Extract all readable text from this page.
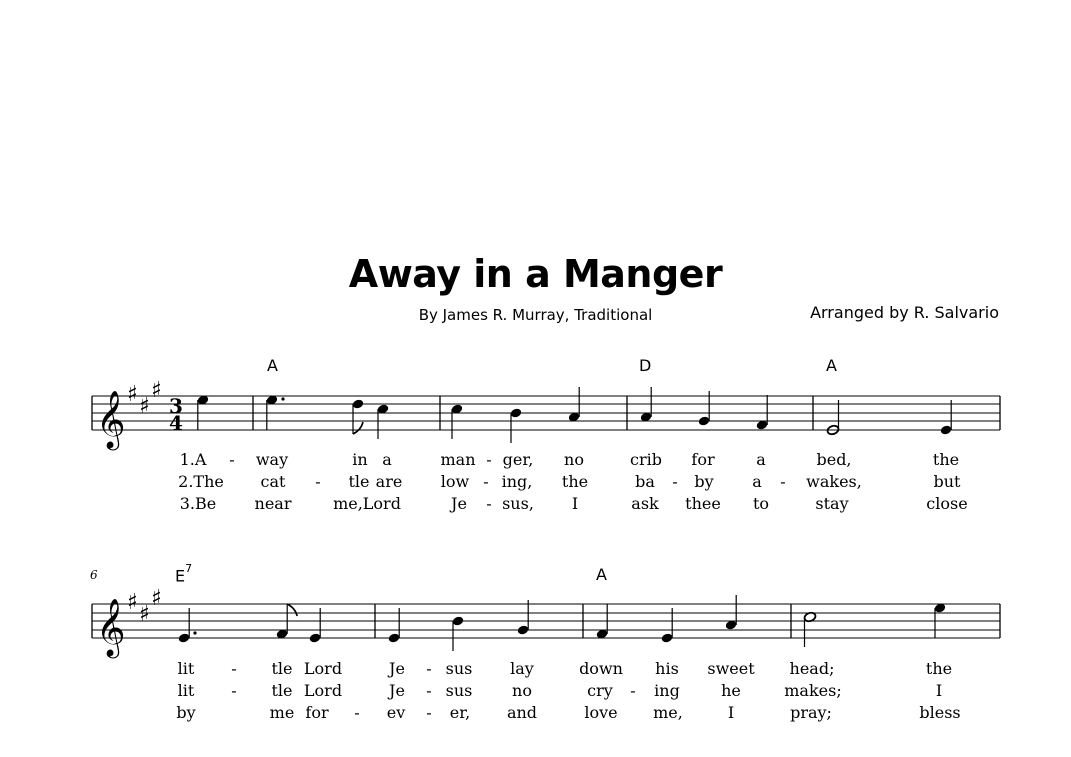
Away in a Manger
By James R. Murray, Traditional	Arranged by R. Salvario
A	D	A
$E^7$	A
6
𝄞 ♯ ♯
♯
3
4
𝄞 ♯ ♯
♯
1.A - way	in a	man - ger, no	crib for	a	bed,	the
2.The cat - tle are low - ing, the	ba - by a - wakes,	but
3.Be near	me,Lord	Je - sus, I	ask thee to	stay	close
lit - tle Lord	Je - sus lay	down his sweet head;	the
lit - tle Lord	Je - sus no	cry - ing	he	makes;	I
by	me for - ev - er, and	love me,	I	pray;	bless
